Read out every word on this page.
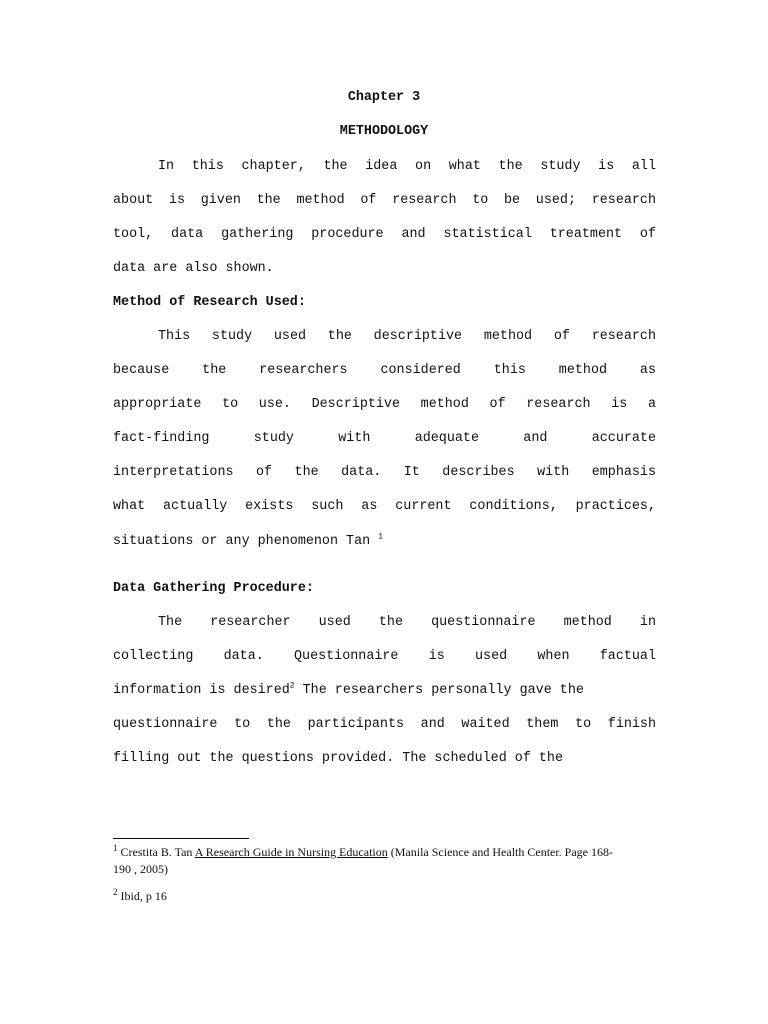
Chapter 3
METHODOLOGY
In this chapter, the idea on what the study is all
about is given the method of research to be used; research
tool, data gathering procedure and statistical treatment of
data are also shown.
Method of Research Used:
This study used the descriptive method of research
because the researchers considered this method as
appropriate to use. Descriptive method of research is a
fact-finding study with adequate and accurate
interpretations of the data. It describes with emphasis
what actually exists such as current conditions, practices,
situations or any phenomenon Tan $^1$
Data Gathering Procedure:
The researcher used the questionnaire method in
collecting data. Questionnaire is used when factual
information is desired$^2$ The researchers personally gave the
questionnaire to the participants and waited them to finish
filling out the questions provided. The scheduled of the
$^1$ Crestita B. Tan A Research Guide in Nursing Education (Manila Science and Health Center. Page 168-
190 , 2005)
$^2$ Ibid, p 16
